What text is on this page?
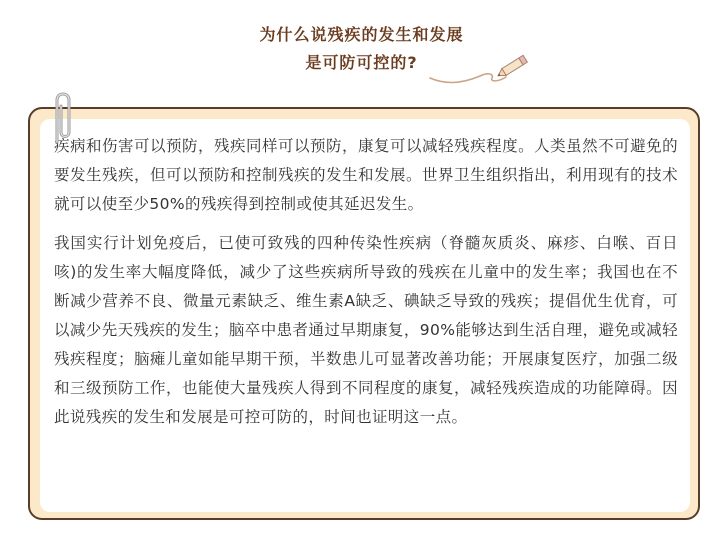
为什么说残疾的发生和发展
是可防可控的?

疾病和伤害可以预防，残疾同样可以预防，康复可以减轻残疾程度。人类虽然不可避免的要发生残疾，但可以预防和控制残疾的发生和发展。世界卫生组织指出，利用现有的技术就可以使至少50%的残疾得到控制或使其延迟发生。

我国实行计划免疫后，已使可致残的四种传染性疾病（脊髓灰质炎、麻疹、白喉、百日咳)的发生率大幅度降低，减少了这些疾病所导致的残疾在儿童中的发生率；我国也在不断减少营养不良、微量元素缺乏、维生素A缺乏、碘缺乏导致的残疾；提倡优生优育，可以减少先天残疾的发生；脑卒中患者通过早期康复，90%能够达到生活自理，避免或减轻残疾程度；脑瘫儿童如能早期干预，半数患儿可显著改善功能；开展康复医疗，加强二级和三级预防工作，也能使大量残疾人得到不同程度的康复，减轻残疾造成的功能障碍。因此说残疾的发生和发展是可控可防的，时间也证明这一点。
